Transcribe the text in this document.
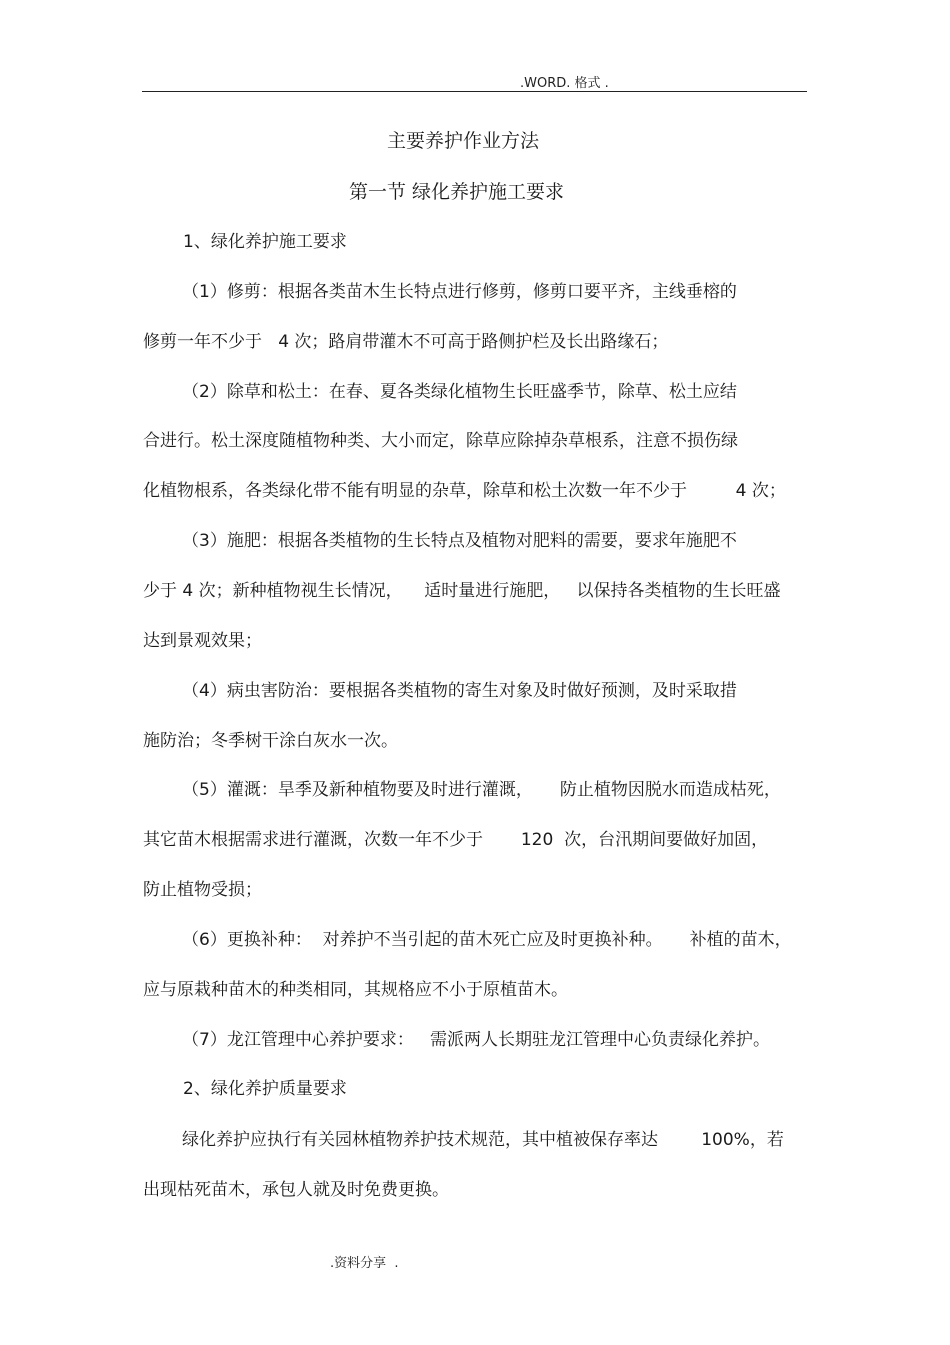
.WORD. 格式 .
主要养护作业方法
第一节 绿化养护施工要求
1、绿化养护施工要求
（1）修剪：根据各类苗木生长特点进行修剪，修剪口要平齐，主线垂榕的
修剪一年不少于   4 次；路肩带灌木不可高于路侧护栏及长出路缘石；
（2）除草和松土：在春、夏各类绿化植物生长旺盛季节，除草、松土应结
合进行。松土深度随植物种类、大小而定，除草应除掉杂草根系，注意不损伤绿
化植物根系，各类绿化带不能有明显的杂草，除草和松土次数一年不少于         4 次；
（3）施肥：根据各类植物的生长特点及植物对肥料的需要，要求年施肥不
少于 4 次；新种植物视生长情况，    适时量进行施肥，   以保持各类植物的生长旺盛
达到景观效果；
（4）病虫害防治：要根据各类植物的寄生对象及时做好预测，及时采取措
施防治；冬季树干涂白灰水一次。
（5）灌溉：旱季及新种植物要及时进行灌溉，     防止植物因脱水而造成枯死，
其它苗木根据需求进行灌溉，次数一年不少于       120  次，台汛期间要做好加固，
防止植物受损；
（6）更换补种：  对养护不当引起的苗木死亡应及时更换补种。     补植的苗木，
应与原栽种苗木的种类相同，其规格应不小于原植苗木。
（7）龙江管理中心养护要求：   需派两人长期驻龙江管理中心负责绿化养护。
2、绿化养护质量要求
绿化养护应执行有关园林植物养护技术规范，其中植被保存率达        100%，若
出现枯死苗木，承包人就及时免费更换。
.资料分享  .
